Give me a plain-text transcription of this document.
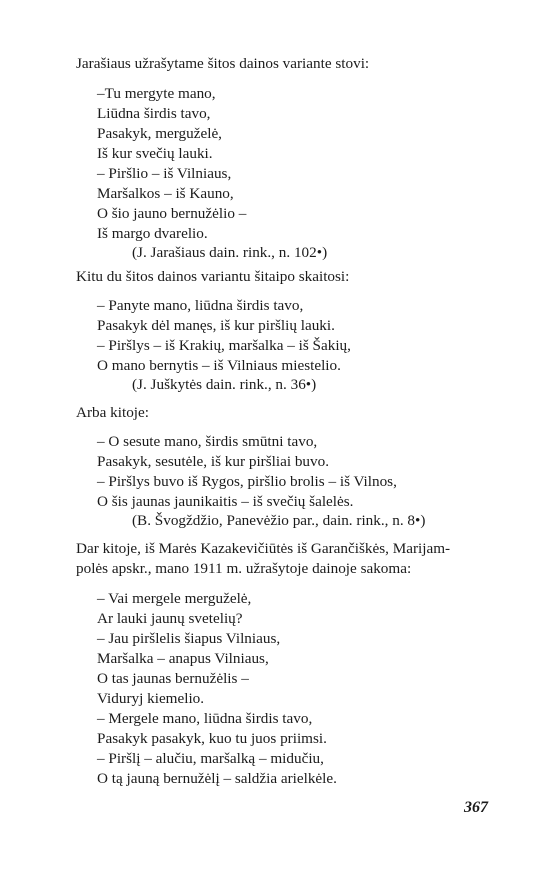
Jarašiaus užrašytame šitos dainos variante stovi:
–Tu mergyte mano,
Liūdna širdis tavo,
Pasakyk, merguželė,
Iš kur svečių lauki.
– Piršlio – iš Vilniaus,
Maršalkos – iš Kauno,
O šio jauno bernužėlio –
Iš margo dvarelio.
(J. Jarašiaus dain. rink., n. 102•)
Kitu du šitos dainos variantu šitaipo skaitosi:
– Panyte mano, liūdna širdis tavo,
Pasakyk dėl manęs, iš kur piršlių lauki.
– Piršlys – iš Krakių, maršalka – iš Šakių,
O mano bernytis – iš Vilniaus miestelio.
(J. Juškytės dain. rink., n. 36•)
Arba kitoje:
– O sesute mano, širdis smūtni tavo,
Pasakyk, sesutėle, iš kur piršliai buvo.
– Piršlys buvo iš Rygos, piršlio brolis – iš Vilnos,
O šis jaunas jaunikaitis – iš svečių šalelės.
(B. Švogždžio, Panevėžio par., dain. rink., n. 8•)
Dar kitoje, iš Marės Kazakevičiūtės iš Garančiškės, Marijam-
polės apskr., mano 1911 m. užrašytoje dainoje sakoma:
– Vai mergele merguželė,
Ar lauki jaunų svetelių?
– Jau piršlelis šiapus Vilniaus,
Maršalka – anapus Vilniaus,
O tas jaunas bernužėlis –
Viduryj kiemelio.
– Mergele mano, liūdna širdis tavo,
Pasakyk pasakyk, kuo tu juos priimsi.
– Piršlį – alučiu, maršalką – midučiu,
O tą jauną bernužėlį – saldžia arielkėle.
367
